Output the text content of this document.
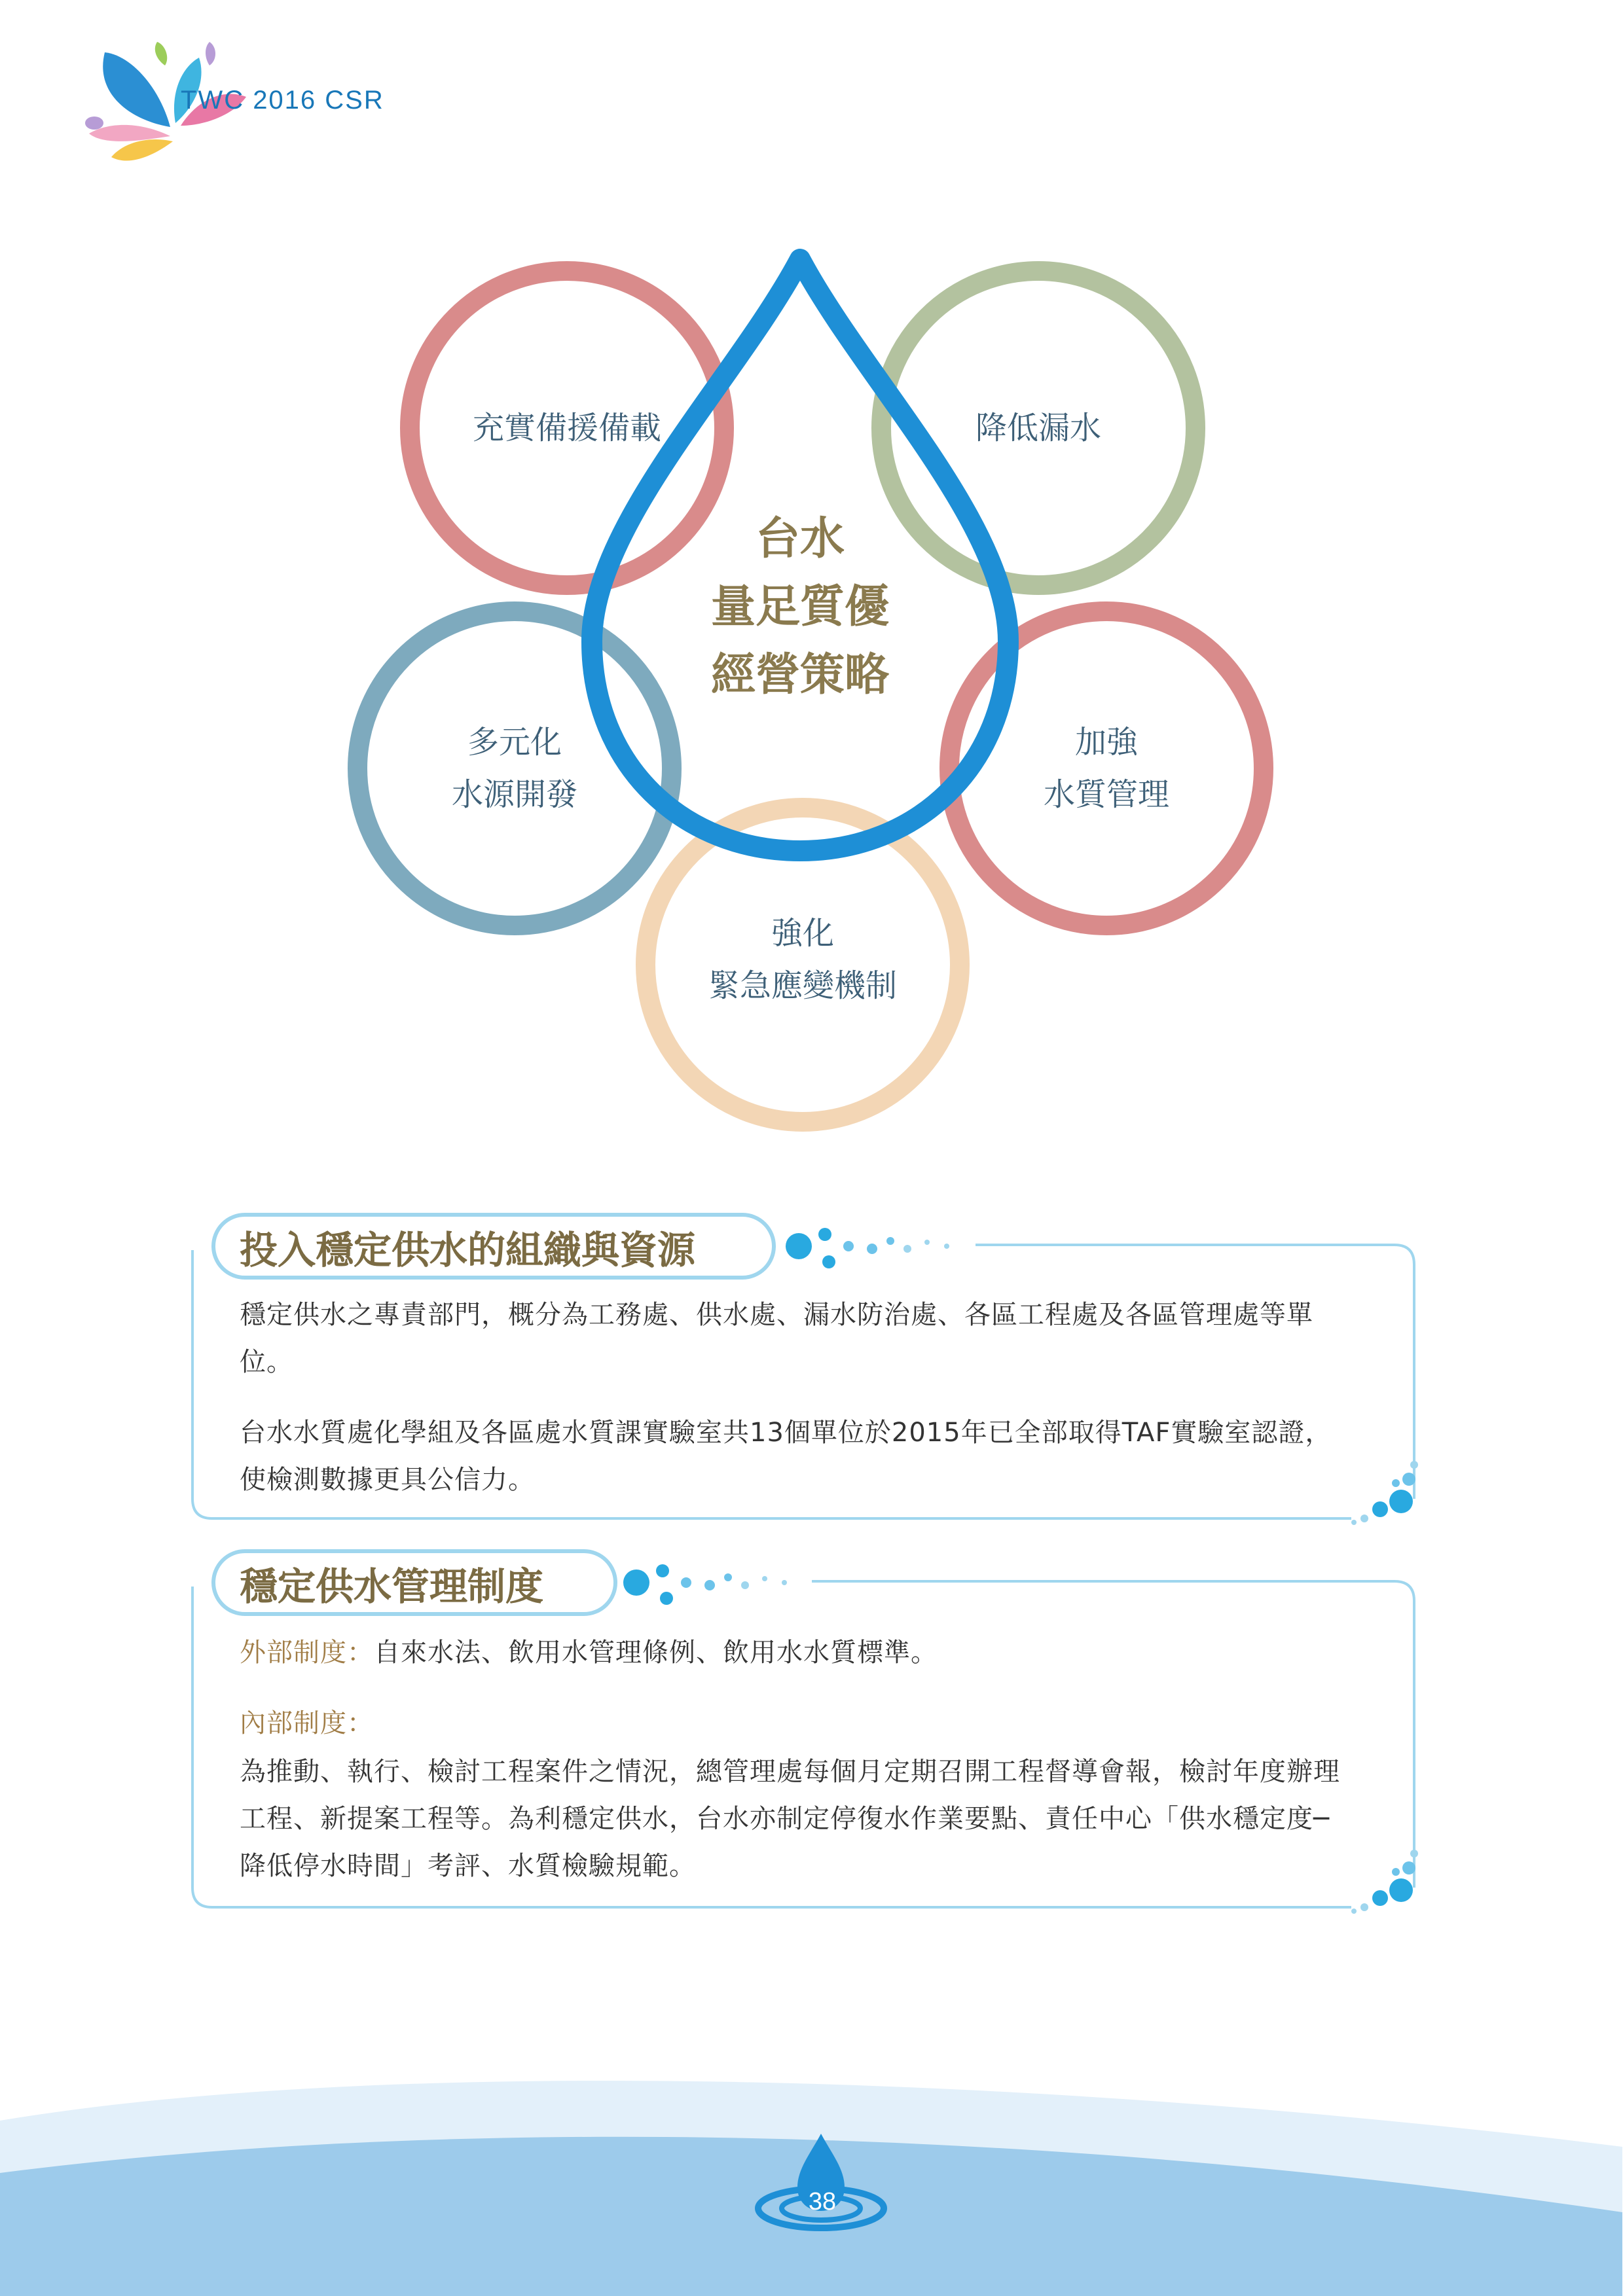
TWC 2016 CSR
台水
量足質優
經營策略
充實備援備載	降低漏水
多元化
水源開發
加強
水質管理
強化
緊急應變機制
投入穩定供水的組織與資源
穩定供水之專責部門，概分為工務處、供水處、漏水防治處、各區工程處及各區管理處等單位。
台水水質處化學組及各區處水質課實驗室共13個單位於2015年已全部取得TAF實驗室認證，使檢測數據更具公信力。
穩定供水管理制度
外部制度：自來水法、飲用水管理條例、飲用水水質標準。
內部制度：
為推動、執行、檢討工程案件之情況，總管理處每個月定期召開工程督導會報，檢討年度辦理工程、新提案工程等。為利穩定供水，台水亦制定停復水作業要點、責任中心「供水穩定度─降低停水時間」考評、水質檢驗規範。
38
